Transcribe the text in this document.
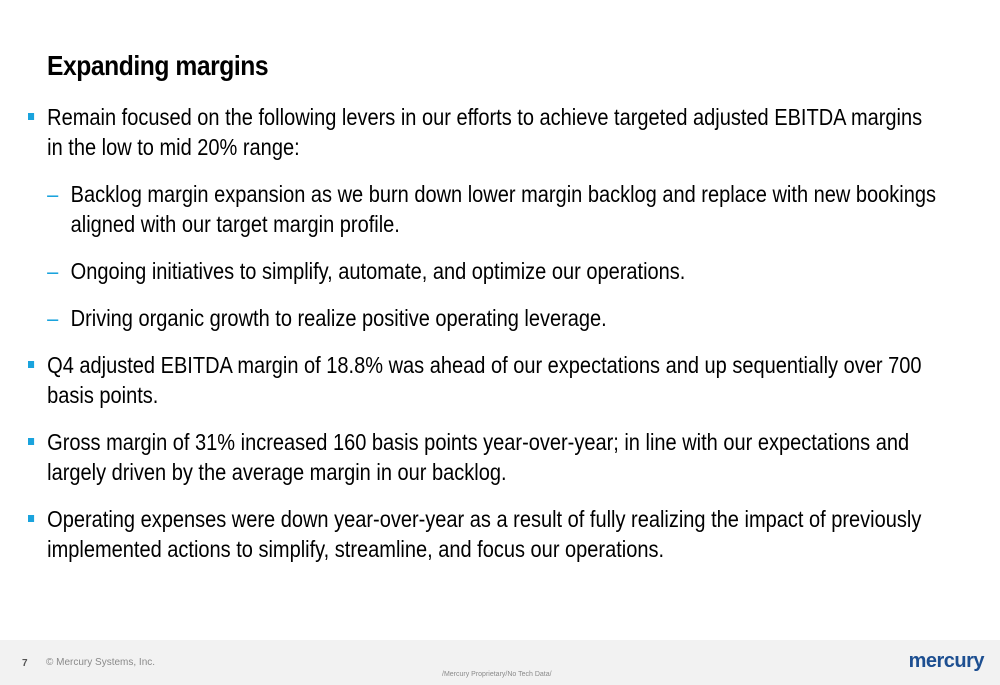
Expanding margins
Remain focused on the following levers in our efforts to achieve targeted adjusted EBITDA margins in the low to mid 20% range:
– Backlog margin expansion as we burn down lower margin backlog and replace with new bookings aligned with our target margin profile.
– Ongoing initiatives to simplify, automate, and optimize our operations.
– Driving organic growth to realize positive operating leverage.
Q4 adjusted EBITDA margin of 18.8% was ahead of our expectations and up sequentially over 700 basis points.
Gross margin of 31% increased 160 basis points year-over-year; in line with our expectations and largely driven by the average margin in our backlog.
Operating expenses were down year-over-year as a result of fully realizing the impact of previously implemented actions to simplify, streamline, and focus our operations.
7 © Mercury Systems, Inc.
/Mercury Proprietary/No Tech Data/
mercury
